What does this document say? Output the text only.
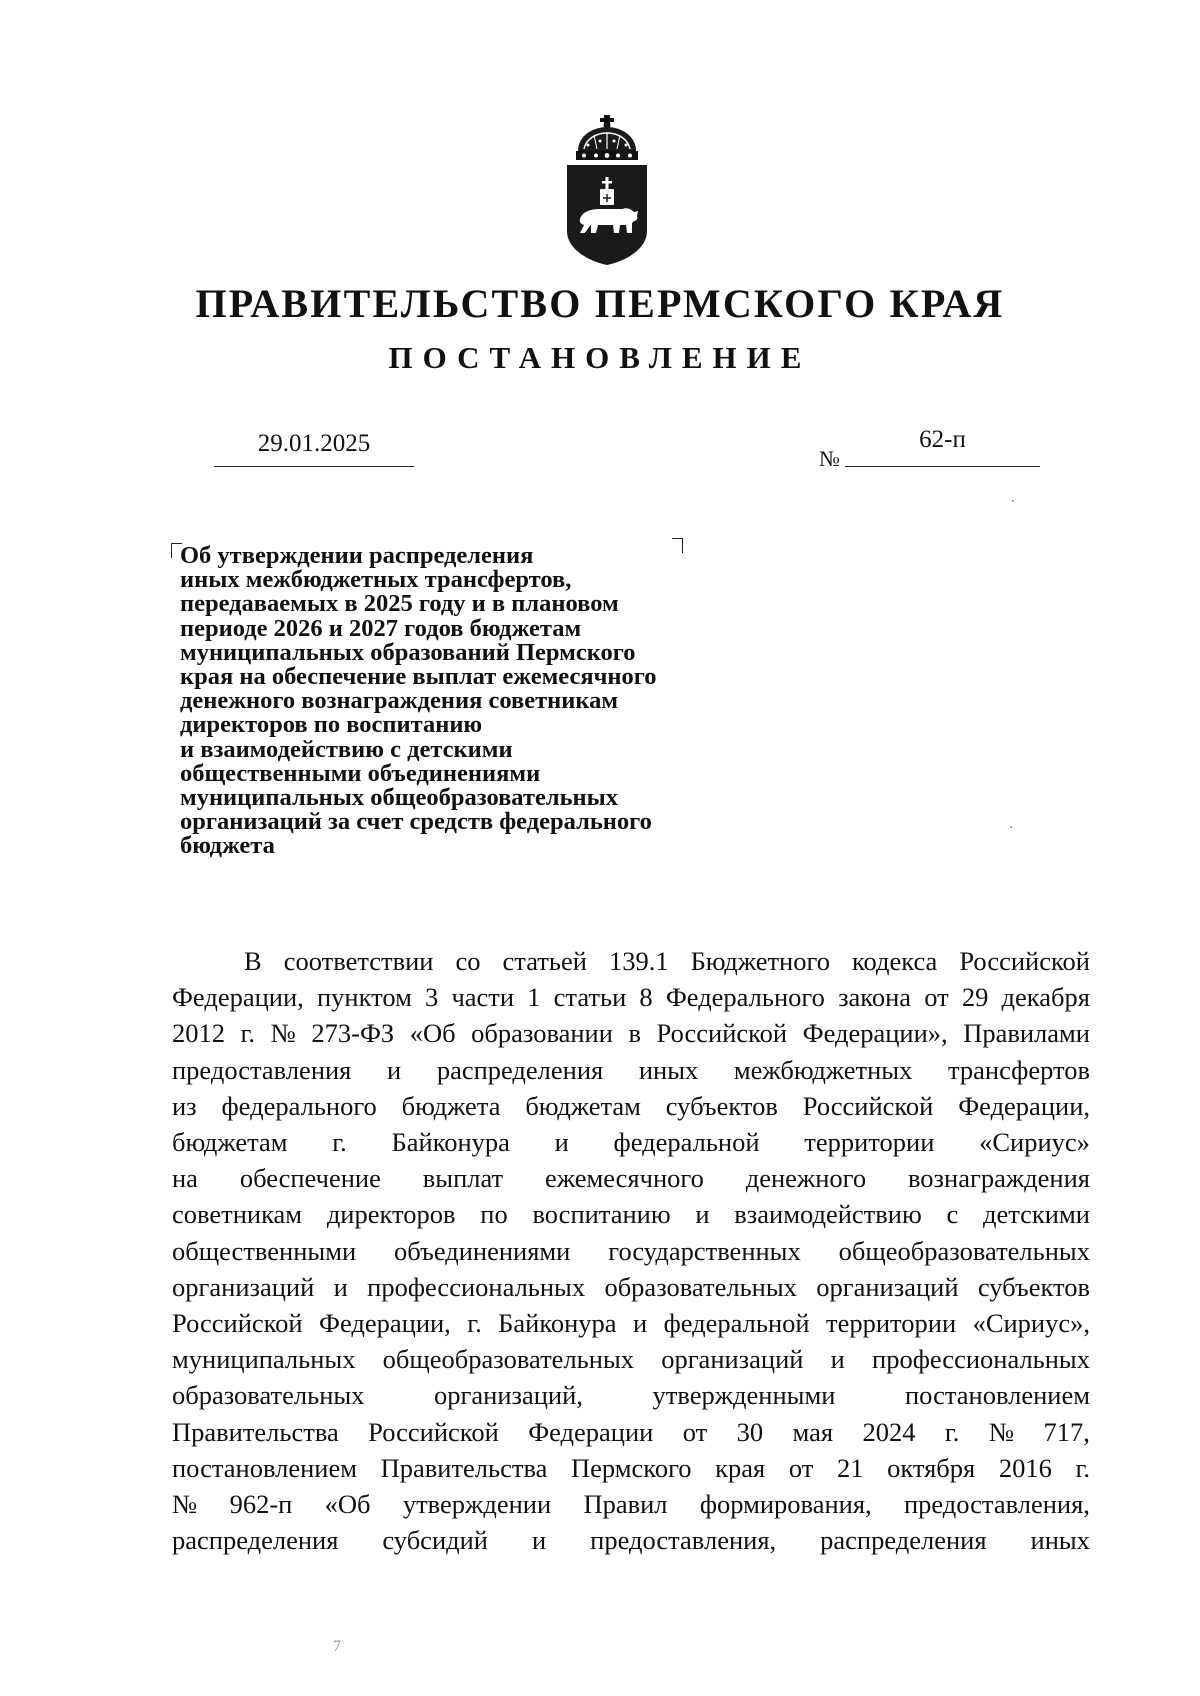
ПРАВИТЕЛЬСТВО ПЕРМСКОГО КРАЯ
ПОСТАНОВЛЕНИЕ
29.01.2025
№
62-п
Об утверждении распределения
иных межбюджетных трансфертов,
передаваемых в 2025 году и в плановом
периоде 2026 и 2027 годов бюджетам
муниципальных образований Пермского
края на обеспечение выплат ежемесячного
денежного вознаграждения советникам
директоров по воспитанию
и взаимодействию с детскими
общественными объединениями
муниципальных общеобразовательных
организаций за счет средств федерального
бюджета
В соответствии со статьей 139.1 Бюджетного кодекса Российской
Федерации, пунктом 3 части 1 статьи 8 Федерального закона от 29 декабря
2012 г. № 273-ФЗ «Об образовании в Российской Федерации», Правилами
предоставления и распределения иных межбюджетных трансфертов
из федерального бюджета бюджетам субъектов Российской Федерации,
бюджетам г. Байконура и федеральной территории «Сириус»
на обеспечение выплат ежемесячного денежного вознаграждения
советникам директоров по воспитанию и взаимодействию с детскими
общественными объединениями государственных общеобразовательных
организаций и профессиональных образовательных организаций субъектов
Российской Федерации, г. Байконура и федеральной территории «Сириус»,
муниципальных общеобразовательных организаций и профессиональных
образовательных	организаций,	утвержденными	постановлением
Правительства Российской Федерации от 30 мая 2024 г. № 717,
постановлением Правительства Пермского края от 21 октября 2016 г.
№ 962-п «Об утверждении Правил формирования, предоставления,
распределения субсидий и предоставления, распределения иных
7
